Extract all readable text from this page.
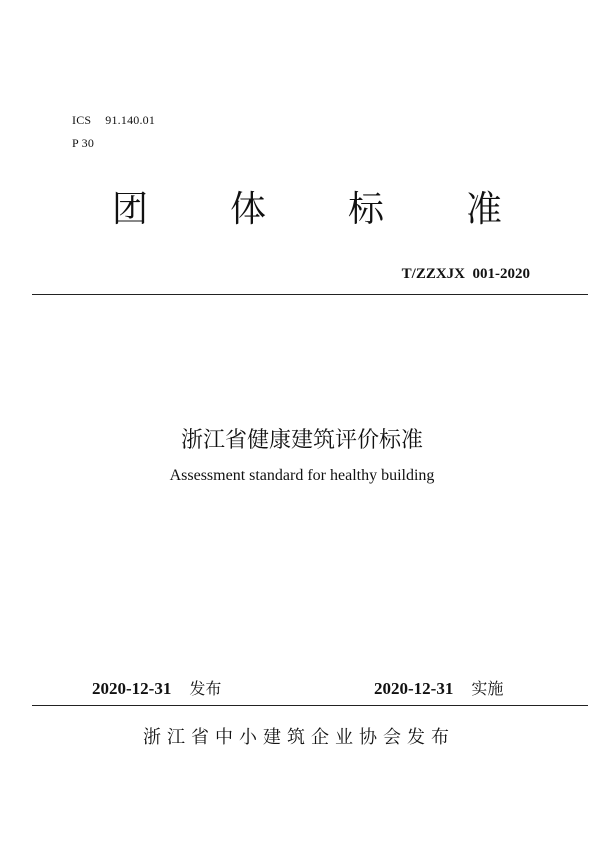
ICS 91.140.01
P 30
团 体 标 准
T/ZZXJX  001-2020
浙江省健康建筑评价标准
Assessment standard for healthy building
2020-12-31 发布	2020-12-31 实施
浙江省中小建筑企业协会发布
